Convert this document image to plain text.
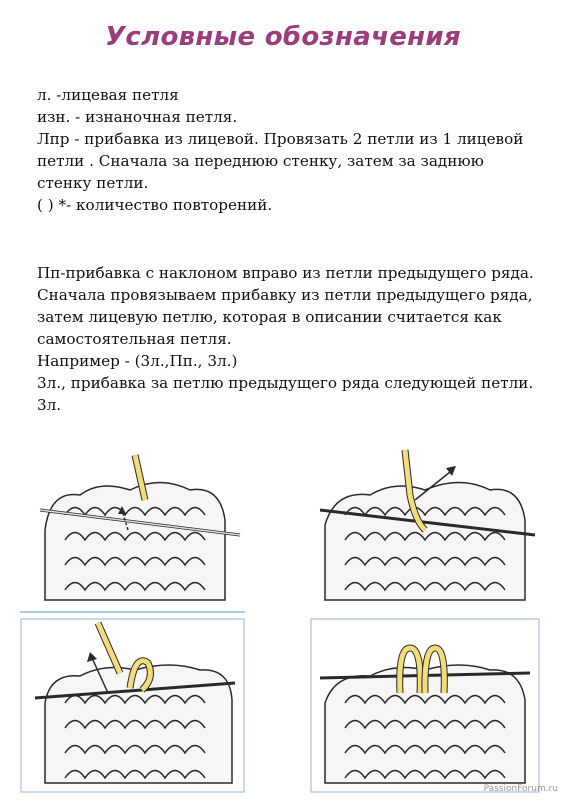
Условные обозначения

л. -лицевая петля

изн. - изнаночная петля.

Лпр - прибавка из лицевой. Провязать 2 петли из 1 лицевой петли . Сначала за переднюю стенку, затем за заднюю стенку петли.

( ) *- количество повторений.

Пп-прибавка с наклоном вправо из петли предыдущего ряда. Сначала провязываем прибавку из петли предыдущего ряда, затем лицевую петлю, которая в описании считается как самостоятельная петля.

Например - (3л.,Пп., 3л.)

3л., прибавка за петлю предыдущего ряда следующей петли. 3л.

PassionForum.ru
